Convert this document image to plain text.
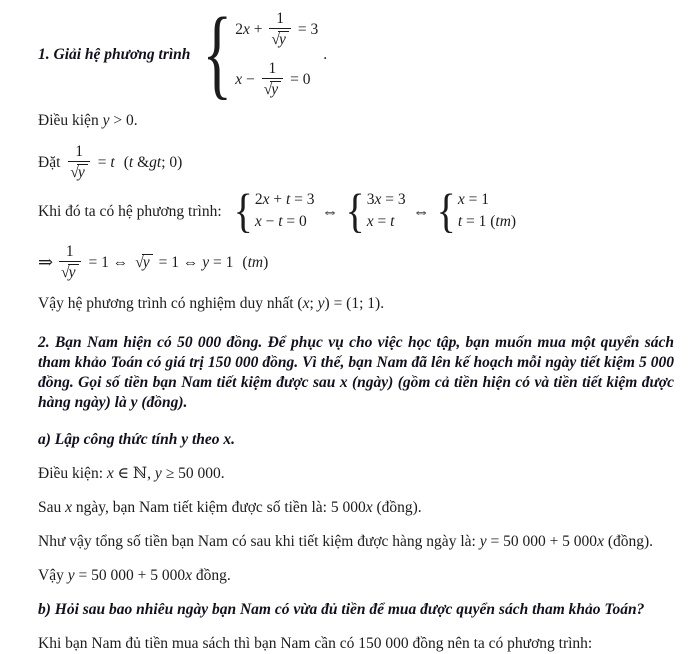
1. Giải hệ phương trình { $2x + \frac{1}{√y} = 3$
$x - \frac{1}{√y} = 0$
.

Điều kiện y > 0.

Đặt $\frac{1}{√y} = t$ (t &gt; 0)
Khi đó ta có hệ phương trình: { 2x + t = 3
x − t = 0
⇔ { 3x = 3
x = t
⇔ { x = 1
t = 1 (tm)
⇒ $\frac{1}{√y} = 1$ ⇔ √y = 1 ⇔ y = 1 (tm)

Vậy hệ phương trình có nghiệm duy nhất (x; y) = (1; 1).

2. Bạn Nam hiện có 50 000 đồng. Để phục vụ cho việc học tập, bạn muốn mua một quyển sách tham khảo Toán có giá trị 150 000 đồng. Vì thế, bạn Nam đã lên kế hoạch mỗi ngày tiết kiệm 5 000 đồng. Gọi số tiền bạn Nam tiết kiệm được sau x (ngày) (gồm cả tiền hiện có và tiền tiết kiệm được hàng ngày) là y (đồng).

a) Lập công thức tính y theo x.

Điều kiện: x ∈ ℕ, y ≥ 50 000.

Sau x ngày, bạn Nam tiết kiệm được số tiền là: 5 000x (đồng).

Như vậy tổng số tiền bạn Nam có sau khi tiết kiệm được hàng ngày là: y = 50 000 + 5 000x (đồng).

Vậy y = 50 000 + 5 000x đồng.

b) Hỏi sau bao nhiêu ngày bạn Nam có vừa đủ tiền để mua được quyển sách tham khảo Toán?

Khi bạn Nam đủ tiền mua sách thì bạn Nam cần có 150 000 đồng nên ta có phương trình:
